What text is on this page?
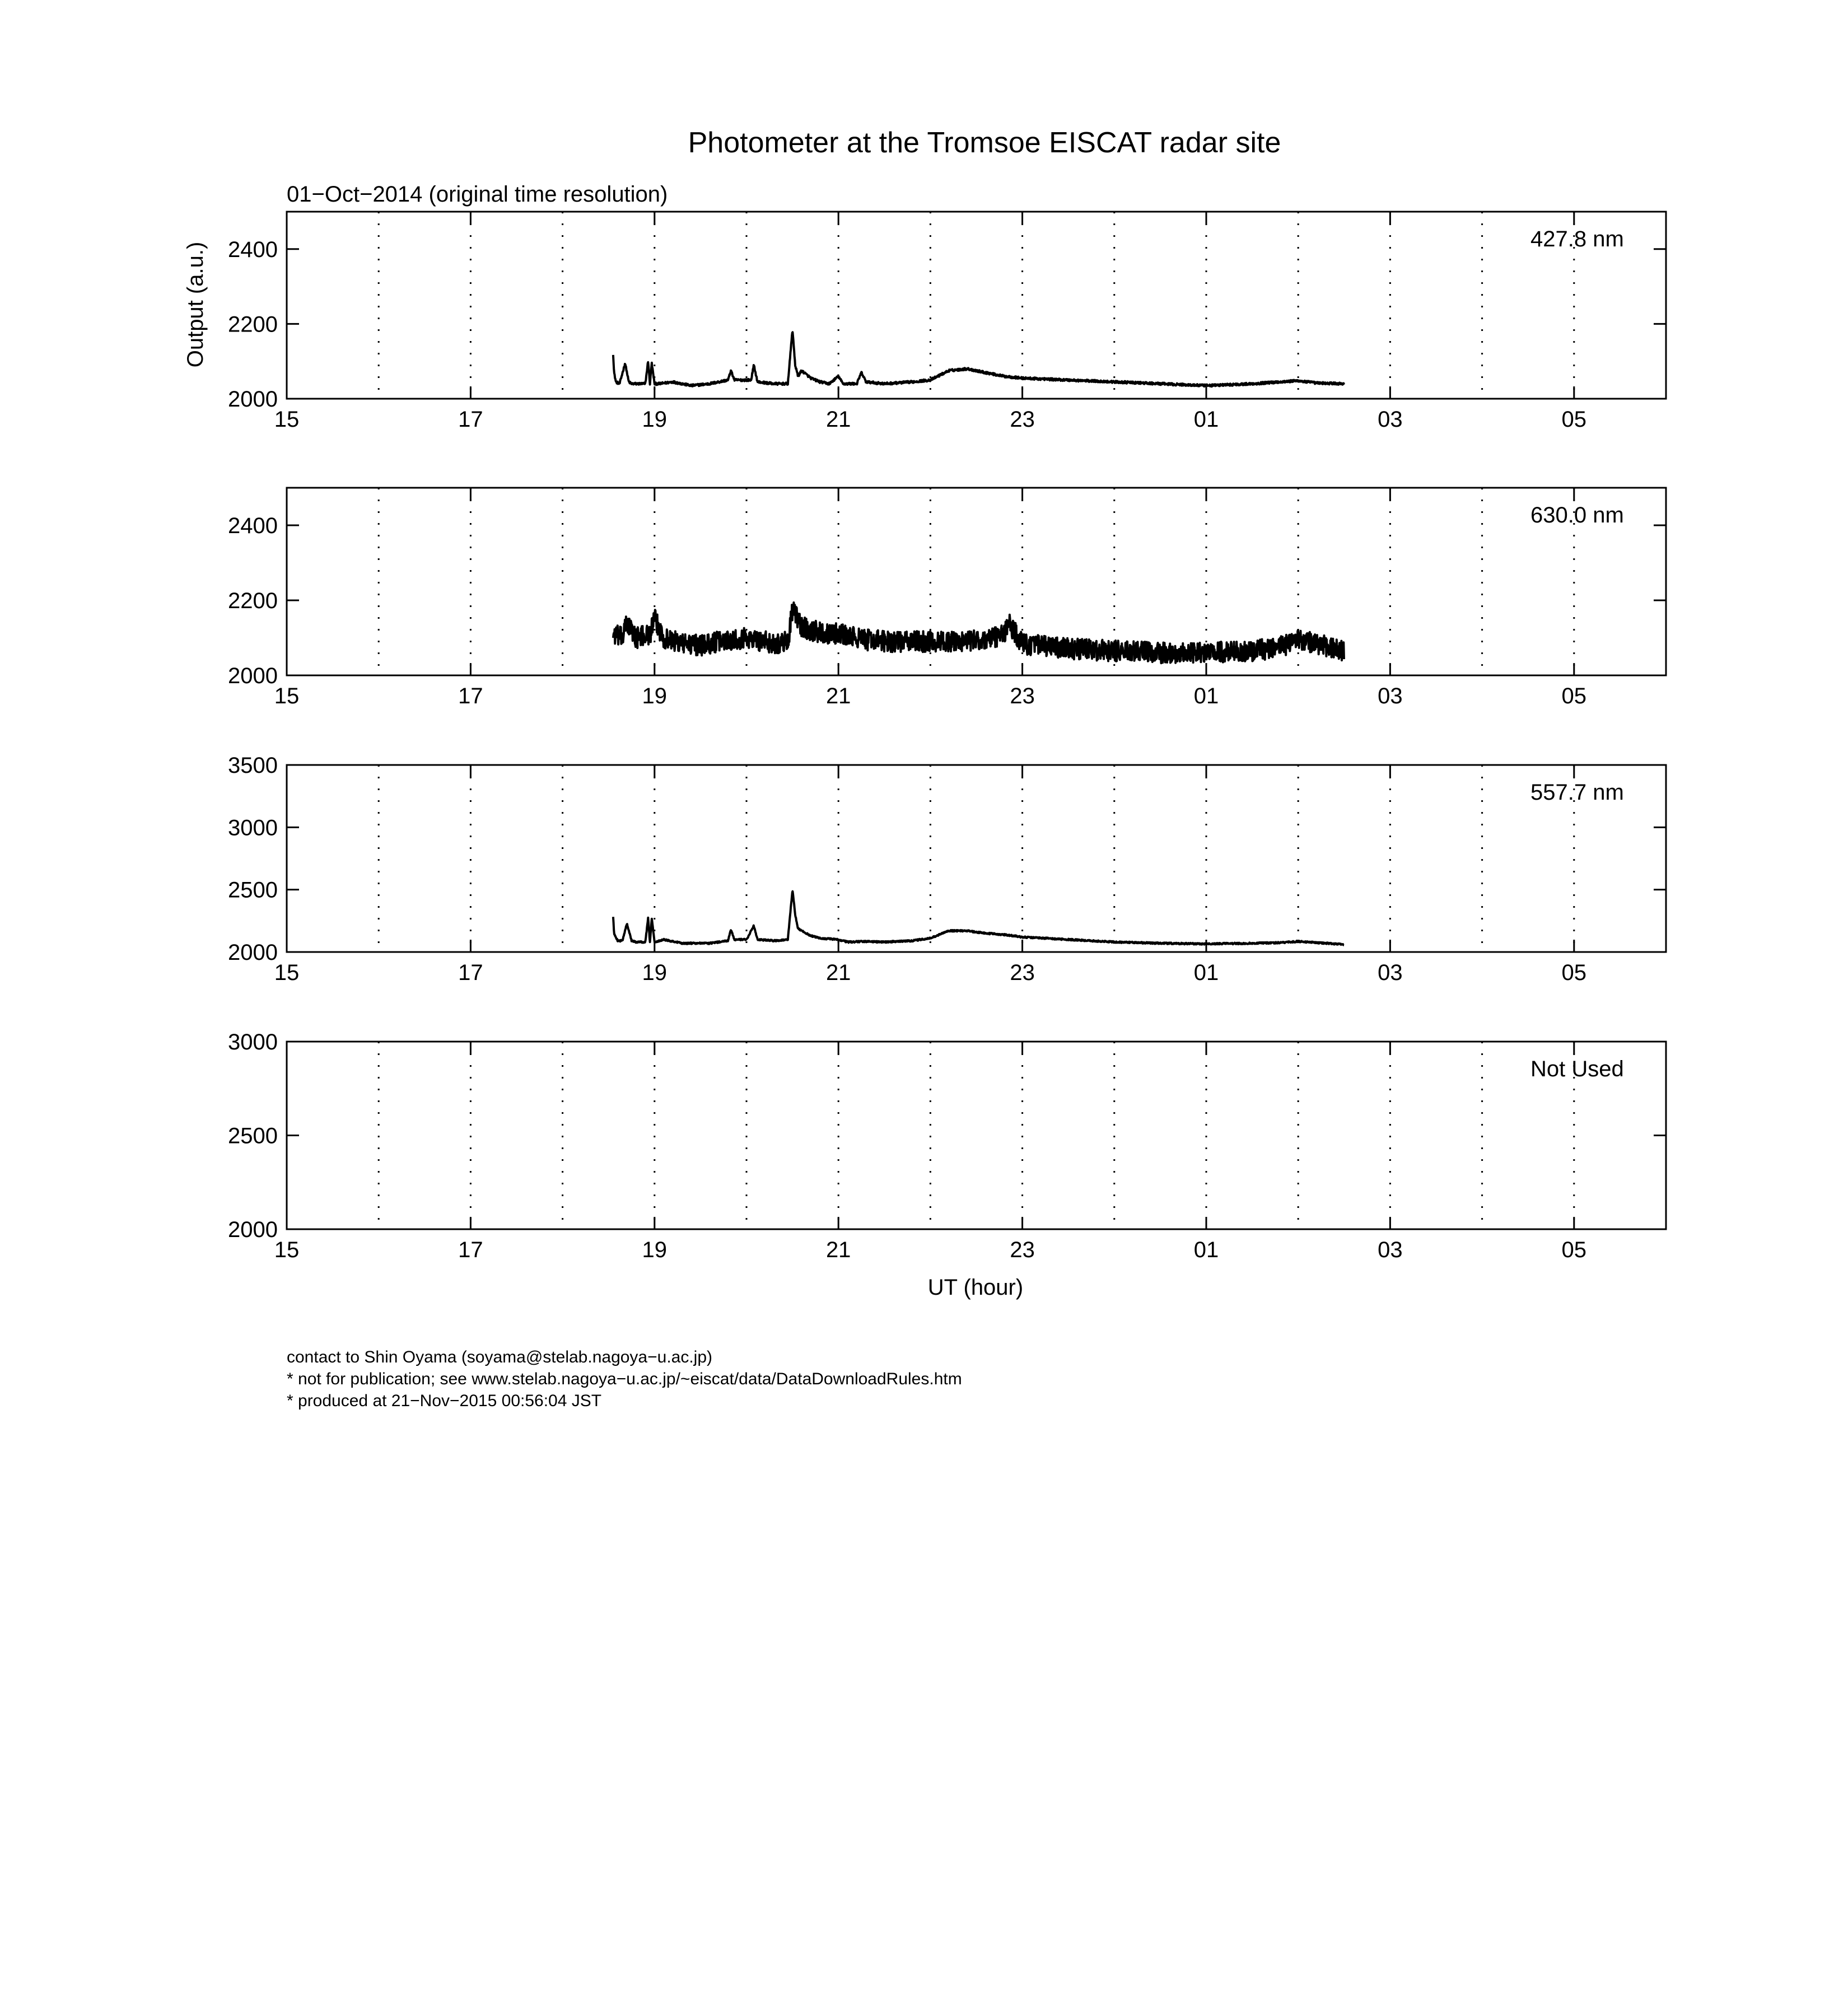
Photometer at the Tromsoe EISCAT radar site
01−Oct−2014 (original time resolution)
Output (a.u.)
UT (hour)
15	17	19	21	23	01	03	05
2000
2200
2400	427.8 nm
15	17	19	21	23	01	03	05
2000
2200
2400	630.0 nm
15	17	19	21	23	01	03	05
2000
2500
3000
3500
557.7 nm
15	17	19	21	23	01	03	05
2000
2500
3000
Not Used
contact to Shin Oyama (soyama@stelab.nagoya−u.ac.jp)
* not for publication; see www.stelab.nagoya−u.ac.jp/~eiscat/data/DataDownloadRules.htm
* produced at 21−Nov−2015 00:56:04 JST
